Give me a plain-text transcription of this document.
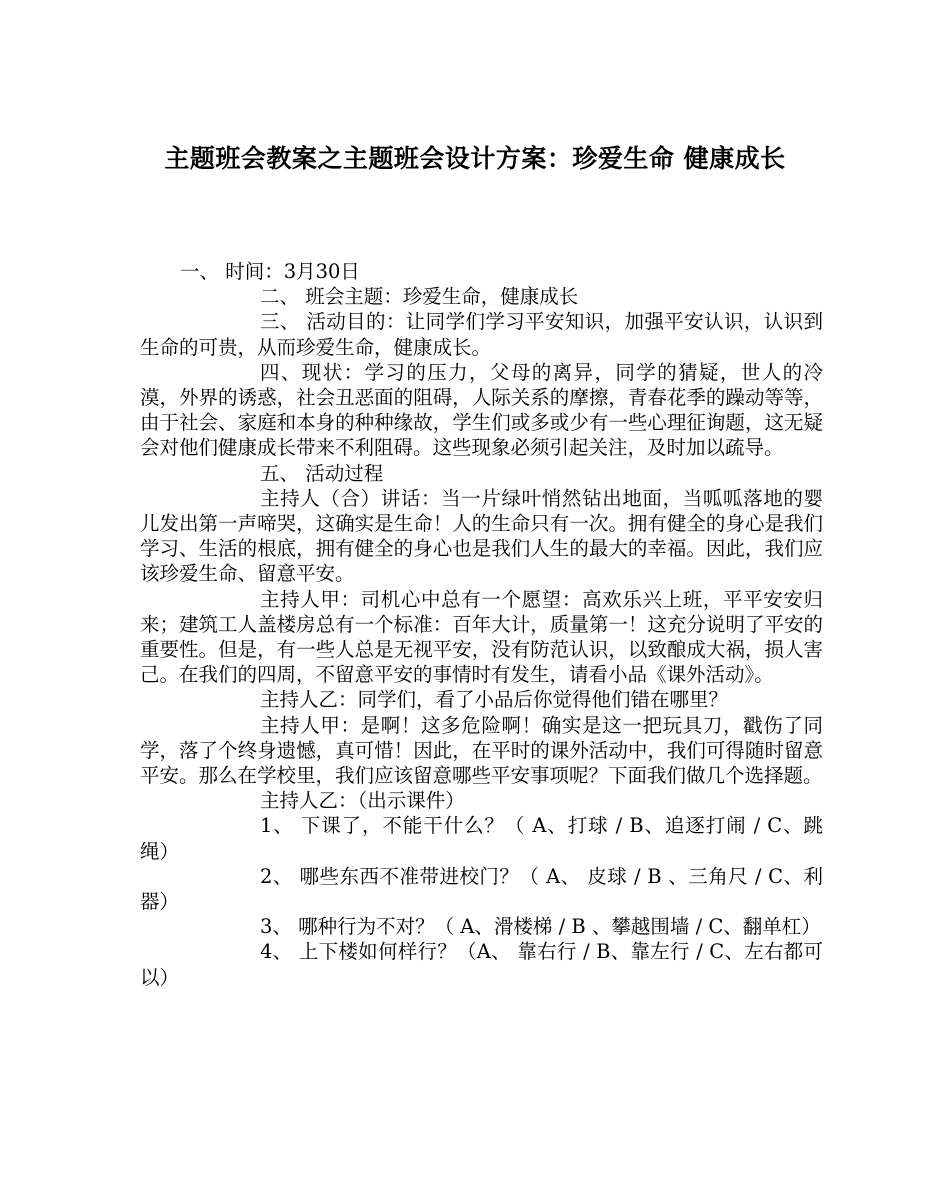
主题班会教案之主题班会设计方案：珍爱生命 健康成长

一、 时间：3月30日

二、 班会主题：珍爱生命，健康成长

三、 活动目的：让同学们学习平安知识，加强平安认识，认识到生命的可贵，从而珍爱生命，健康成长。

四、现状：学习的压力，父母的离异，同学的猜疑，世人的冷漠，外界的诱惑，社会丑恶面的阻碍，人际关系的摩擦，青春花季的躁动等等，由于社会、家庭和本身的种种缘故，学生们或多或少有一些心理征询题，这无疑会对他们健康成长带来不利阻碍。这些现象必须引起关注，及时加以疏导。

五、 活动过程

主持人（合）讲话：当一片绿叶悄然钻出地面，当呱呱落地的婴儿发出第一声啼哭，这确实是生命！人的生命只有一次。拥有健全的身心是我们学习、生活的根底，拥有健全的身心也是我们人生的最大的幸福。因此，我们应该珍爱生命、留意平安。

主持人甲：司机心中总有一个愿望：高欢乐兴上班，平平安安归来；建筑工人盖楼房总有一个标准：百年大计，质量第一！这充分说明了平安的重要性。但是，有一些人总是无视平安，没有防范认识，以致酿成大祸，损人害己。在我们的四周，不留意平安的事情时有发生，请看小品《课外活动》。

主持人乙：同学们，看了小品后你觉得他们错在哪里？

主持人甲：是啊！这多危险啊！确实是这一把玩具刀，戳伤了同学，落了个终身遗憾，真可惜！因此，在平时的课外活动中，我们可得随时留意平安。那么在学校里，我们应该留意哪些平安事项呢？下面我们做几个选择题。

主持人乙：（出示课件）

1、 下课了，不能干什么？（ A、打球 / B、追逐打闹 / C、跳绳）

2、 哪些东西不准带进校门？（ A、 皮球 / B 、三角尺 / C、利器）

3、 哪种行为不对？（ A、滑楼梯 / B 、攀越围墙 / C、翻单杠）

4、 上下楼如何样行？（A、 靠右行 / B、靠左行 / C、左右都可以）
